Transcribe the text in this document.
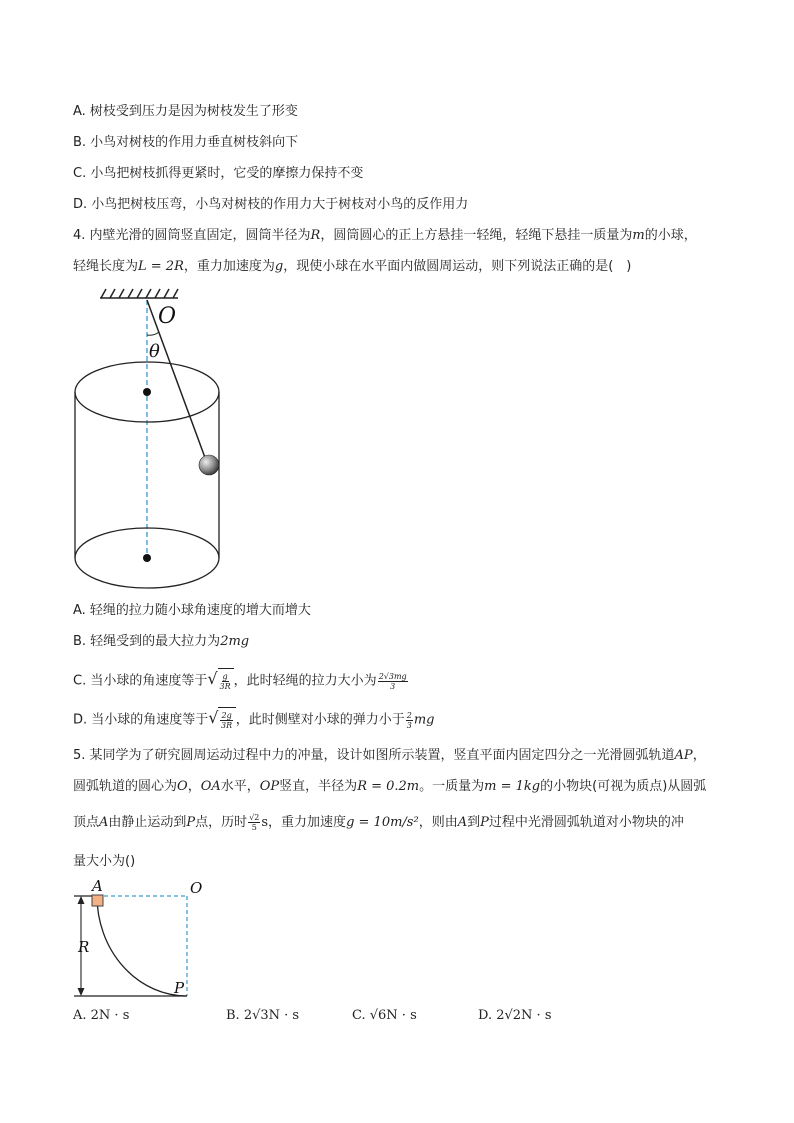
A. 树枝受到压力是因为树枝发生了形变
B. 小鸟对树枝的作用力垂直树枝斜向下
C. 小鸟把树枝抓得更紧时，它受的摩擦力保持不变
D. 小鸟把树枝压弯，小鸟对树枝的作用力大于树枝对小鸟的反作用力
4. 内壁光滑的圆筒竖直固定，圆筒半径为R，圆筒圆心的正上方悬挂一轻绳，轻绳下悬挂一质量为m的小球，
轻绳长度为L = 2R，重力加速度为g，现使小球在水平面内做圆周运动，则下列说法正确的是(　)
O
θ
A. 轻绳的拉力随小球角速度的增大而增大
B. 轻绳受到的最大拉力为2mg
C. 当小球的角速度等于 √ $\frac{g}{3R}$ ，此时轻绳的拉力大小为 $\frac{2√3mg}{3}$
D. 当小球的角速度等于 √ $\frac{2g}{3R}$ ，此时侧壁对小球的弹力小于 $\frac{2}{3}$ mg
5. 某同学为了研究圆周运动过程中力的冲量，设计如图所示装置，竖直平面内固定四分之一光滑圆弧轨道AP，
圆弧轨道的圆心为O，OA水平，OP竖直，半径为R = 0.2m。一质量为m = 1kg的小物块(可视为质点)从圆弧
顶点A由静止运动到P点，历时 $\frac{√2}{5}$ s，重力加速度g = 10m/s²，则由A到P过程中光滑圆弧轨道对小物块的冲
量大小为()
A	O
R
P
A. 2N · s	B. 2√3N · s	C. √6N · s	D. 2√2N · s
